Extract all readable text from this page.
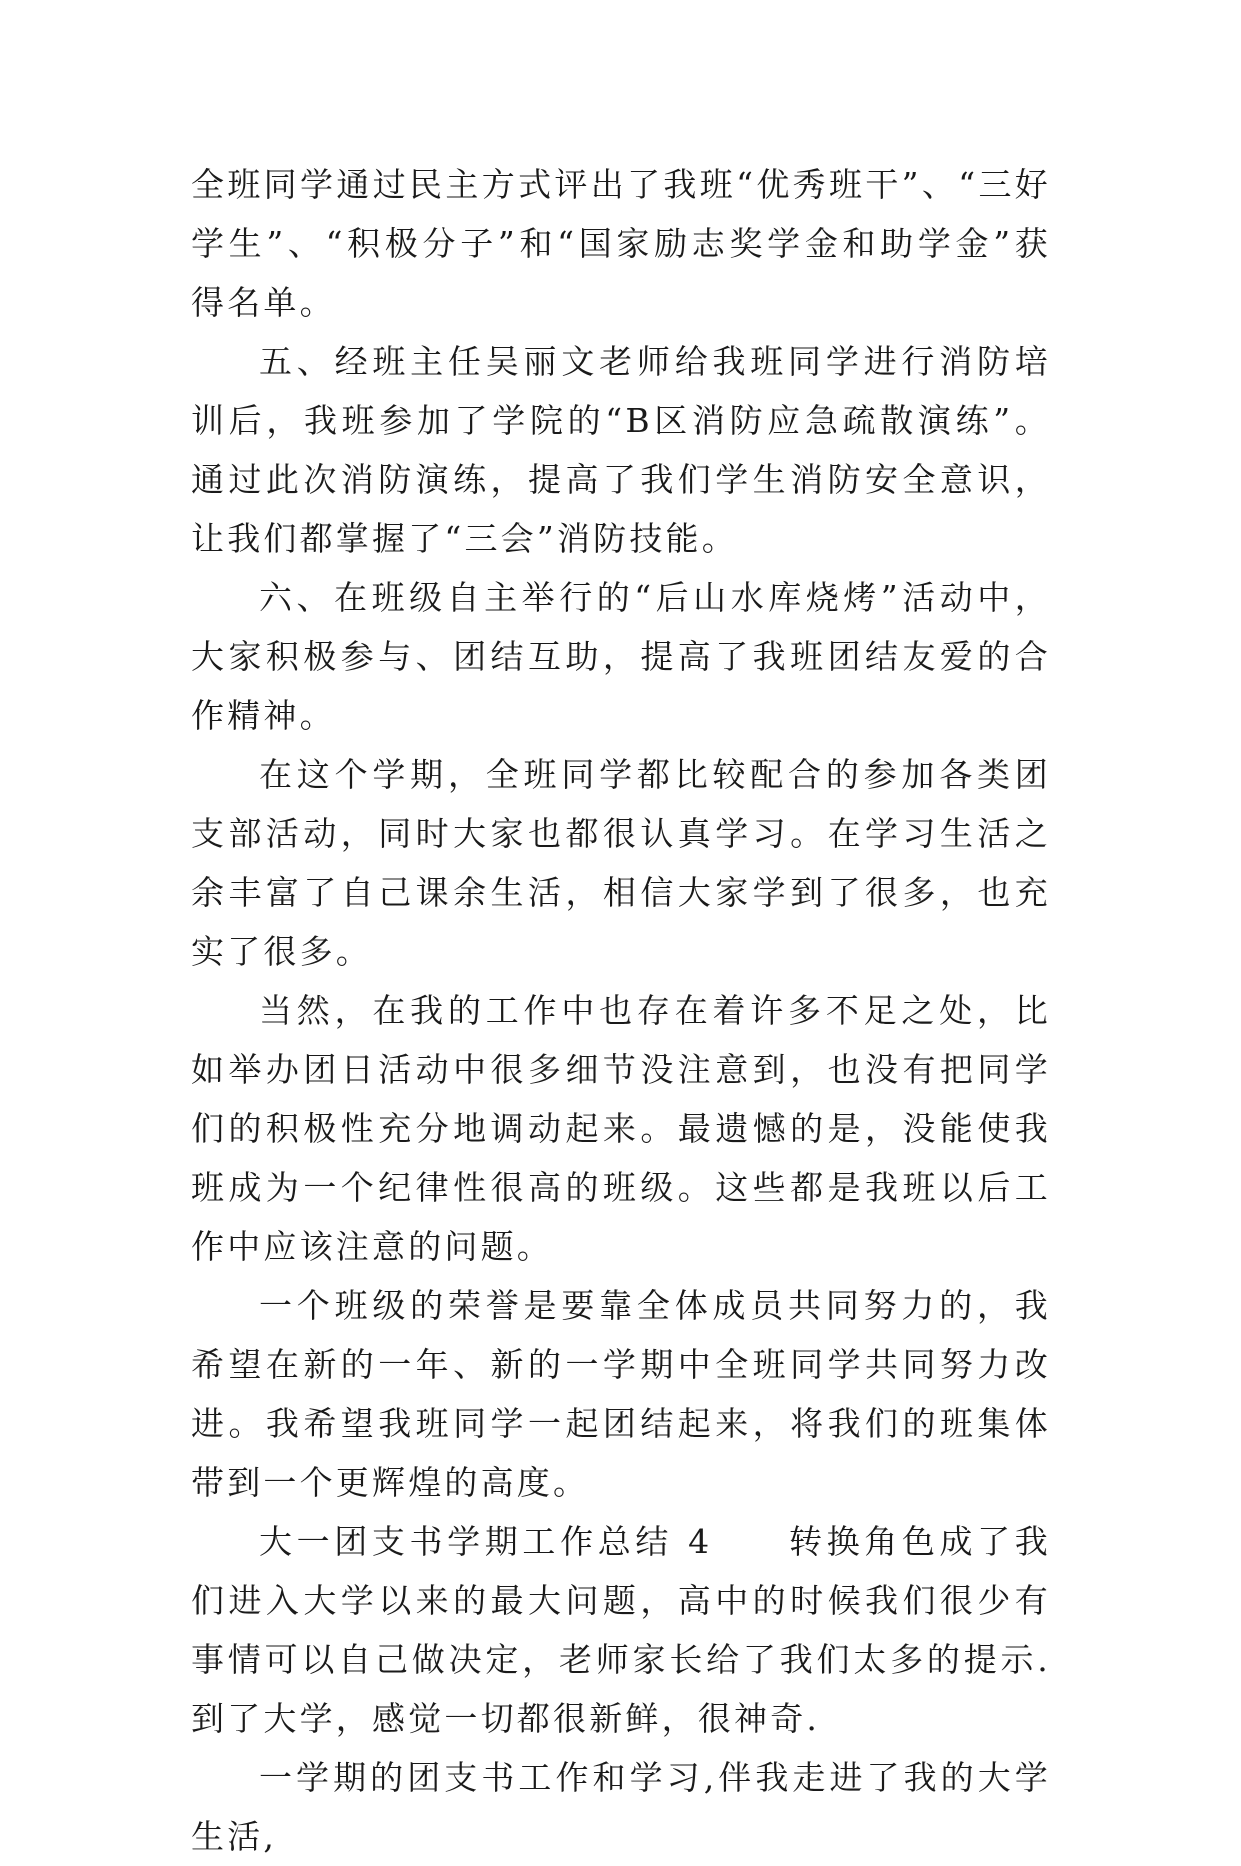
全班同学通过民主方式评出了我班“优秀班干”、“三好学生”、“积极分子”和“国家励志奖学金和助学金”获得名单。

五、经班主任吴丽文老师给我班同学进行消防培训后，我班参加了学院的“B区消防应急疏散演练”。通过此次消防演练，提高了我们学生消防安全意识，让我们都掌握了“三会”消防技能。

六、在班级自主举行的“后山水库烧烤”活动中，大家积极参与、团结互助，提高了我班团结友爱的合作精神。

在这个学期，全班同学都比较配合的参加各类团支部活动，同时大家也都很认真学习。在学习生活之余丰富了自己课余生活，相信大家学到了很多，也充实了很多。

当然，在我的工作中也存在着许多不足之处，比如举办团日活动中很多细节没注意到，也没有把同学们的积极性充分地调动起来。最遗憾的是，没能使我班成为一个纪律性很高的班级。这些都是我班以后工作中应该注意的问题。

一个班级的荣誉是要靠全体成员共同努力的，我希望在新的一年、新的一学期中全班同学共同努力改进。我希望我班同学一起团结起来，将我们的班集体带到一个更辉煌的高度。

大一团支书学期工作总结 4　　转换角色成了我们进入大学以来的最大问题，高中的时候我们很少有事情可以自己做决定，老师家长给了我们太多的提示.到了大学，感觉一切都很新鲜，很神奇.

一学期的团支书工作和学习,伴我走进了我的大学生活,
